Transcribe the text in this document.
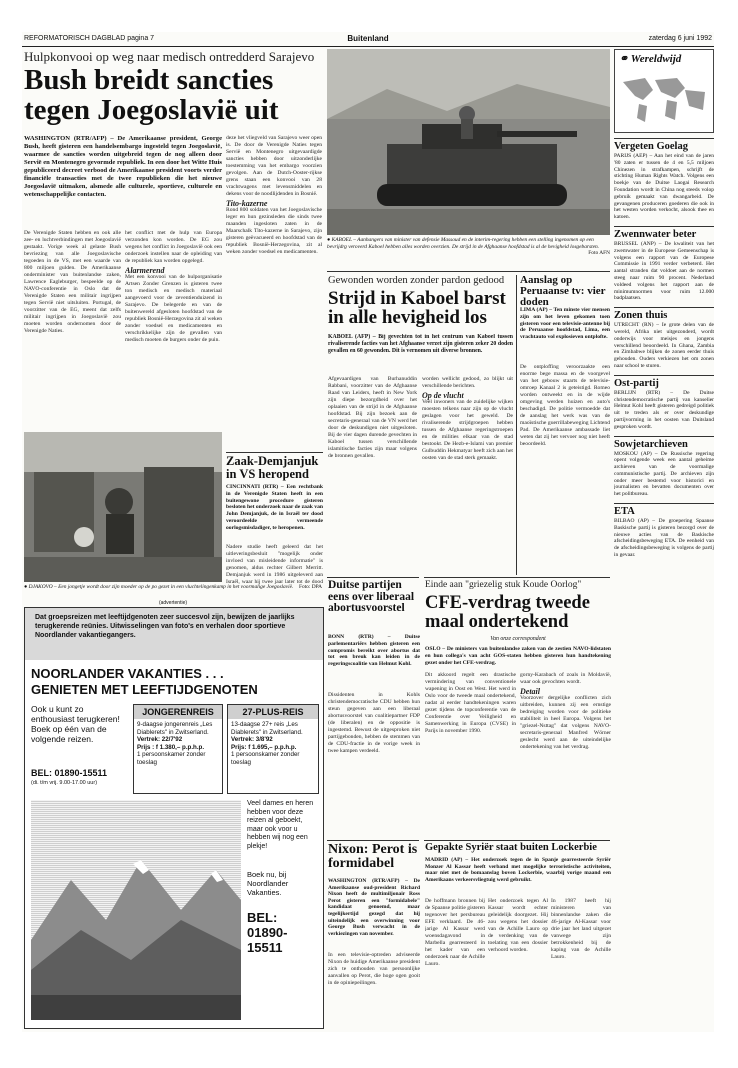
REFORMATORISCH DAGBLAD pagina 7	Buitenland	zaterdag 6 juni 1992
Hulpkonvooi op weg naar medisch ontredderd Sarajevo
Bush breidt sancties
tegen Joegoslavië uit
WASHINGTON (RTR/AFP) – De Amerikaanse president, George Bush, heeft gisteren een handelsembargo ingesteld tegen Joegoslavië, waarmee de sancties worden uitgebreid tegen de nog alleen door Servië en Montenegro gevormde republiek. In een door het Witte Huis gepubliceerd decreet verbood de Amerikaanse president voorts verder financiële transacties met de twee republieken die het nieuwe Joegoslavië uitmaken, alsmede alle culturele, sportieve, culturele en wetenschappelijke contacten.
De Verenigde Staten hebben en ook alle zee- en luchtverbindingen met Joegoslavië gestaakt. Vorige week al gelaste Bush bevriezing van alle Joegoslavische tegoeden in de VS, met een waarde van 800 miljoen gulden. De Amerikaanse onderminister van buitenlandse zaken, Lawrence Eagleburger, bespeelde op de NAVO-conferentie in Oslo dat de Verenigde Staten een militair ingrijpen tegen Servië niet uitsluiten. Portugal, de voorzitter van de EG, meent dat zelfs militair ingrijpen in Joegoslavië zou moeten worden ondernomen door de Verenigde Naties.
het conflict met de hulp van Europa verzonden kon worden. De EG zou wegens het conflict in Joegoslavië ook een onderzoek instellen naar de opleiding van de republiek kan worden opgelegd.
Alarmerend
Met een konvooi van de hulporganisatie Artsen Zonder Grenzen is gisteren twee ton medisch en medisch materiaal aangevoerd voor de zeventienduizend in Sarajevo. De belegerde en van de buitenwereld afgesloten hoofdstad van de republiek Bosnië-Herzegovina zit al weken zonder voedsel en medicamenten en verschrikkelijke zijn de gevallen van medisch moeten de burgers onder de puin.
deze het vliegveld van Sarajevo weer open is. De door de Verenigde Naties tegen Servië en Montenegro uitgevaardigde sancties hebben door uitzonderlijke toestemming van het embargo voorzien gevolgen. Aan de Dutch-Ooster-rijkse grens staan een konvooi van 28 vrachtwagens met levensmiddelen en dekens voor de noodlijdenden in Bosnië.
Tito-kazerne
Rond 800 soldaten van het Joegoslavische leger en hun gezinsleden die sinds twee maanden ingesloten zaten in de Maarschalk Tito-kazerne in Sarajevo, zijn gisteren geëvacueerd en hoofdstad van de republiek Bosnië-Herzegovina, zit al weken zonder voedsel en medicamenten.
● KABOEL – Aanhangers van minister van defensie Massoud en de interim-regering hebben een stelling ingenomen op een bevrijdrg veroverd Kaboel hebben alles worden overzien. De strijd in de Afghaanse hoofdstad is al de hevigheid losgebarsten.
Foto AFN
⚭ Wereldwijd
Vergeten Goelag
PARIJS (AEP) – Aan het eind van de jaren '80 zaten er tussen de 4 en 5,5 miljoen Chinezen in strafkampen, schrijft de stichting Human Rights Watch. Volgens een boekje van de Duitse Laogai Research Foundation wordt in China nog steeds volop gebruik gemaakt van dwangarbeid. De gevangenen produceren goederen die ook in het westen worden verkocht, alsook thee en katoen.
Zwennwater beter
BRUSSEL (ANP) – De kwaliteit van het zwemwater in de Europese Gemeenschap is volgens een rapport van de Europese Commissie in 1991 verder verbeterd. Het aantal stranden dat voldoet aan de normen steeg naar ruim 90 procent. Nederland voldeed volgens het rapport aan de minimumnormen voor ruim 12.000 badplaatsen.
Zonen thuis
UTRECHT (RN) – Ie grote delen van de wereld, Afrika niet uitgezonderd, wordt onderwijs voor meisjes en jongens verschillend beoordeeld. In Ghana, Zambia en Zimbabwe blijken de zonen eerder thuis gehouden. Ouders verkiezen het om zonen naar school te sturen.
Ost-partij
BERLIJN (RTR) – De Duitse christendemocratische partij van kanselier Helmut Kohl heeft gisteren gedreigd politiek uit te treden als er over deskundige partijvorming in het oosten van Duitsland gesproken wordt.
Sowjetarchieven
MOSKOU (AP) – De Russische regering opent volgende week een aantal geheime archieven van de voormalige communistische partij. De archieven zijn onder meer bestemd voor historici en journalisten en bevatten documenten over het politbureau.
ETA
BILBAO (AP) – De groepering Spaanse Baskische partij is gisteren bezorgd over de nieuwe acties van de Baskische afscheidingsbeweging ETA. De eenheid van de afscheidingsbeweging is volgens de partij in gevaar.
Gewonden worden zonder pardon gedood
Strijd in Kaboel barst in alle hevigheid los
KABOEL (AFP) – Bij gevechten tot in het centrum van Kaboel tussen rivaliserende facties van het Afghaanse verzet zijn gisteren zeker 20 doden gevallen en 60 gewonden. Dit is vernomen uit diverse bronnen.
Afgevaardigen van Burhanuddin Rabbani, voorzitter van de Afghaanse Raad van Leiders, heeft in New York zijn diepe bezorgdheid over het oplaaien van de strijd in de Afghaanse hoofdstad. Bij zijn bezoek aan de secretaris-generaal van de VN werd het door de deskundigen niet uitgesloten. Bij de vier dagen durende gevechten in Kaboel tussen verschillende islamitische facties zijn maar volgens de bronnen gevallen.
worden wellicht gedood, zo blijkt uit verschillende berichten.
Op de vlucht
Veel inwoners van de zuidelijke wijken moesten telkens naar zijn op de vlucht geslagen voor het geweld. De rivaliserende strijdgroepen hebben tussen de Afghaanse regeringstroepen en de milities elkaar van de stad bestookt. De Hezb-e-Islami van premier Gulbuddin Hekmatyar heeft zich aan het oosten van de stad sterk gemaakt.
Aanslag op Peruaanse tv: vier doden
LIMA (AP) – Ten minste vier mensen zijn om het leven gekomen toen gisteren voor een televisie-antenne bij de Peruaanse hoofdstad, Lima, een vrachtauto vol explosieven ontplofte.
De ontploffing veroorzaakte een enorme bege massa en de voorgevel van het gebouw staarts de televisie-omroep Kanaal 2 is geteistigd. Romeo worden ontweekt en in de wijde omgeving werden huizen en auto's beschadigd. De politie vermoedde dat de aanslag het werk was van de maoïstische guerrillabeweging Lichtend Pad. De Amerikaanse ambassade liet weten dat zij het vervoer nog niet heeft beoordeeld.
Zaak-Demjanjuk in VS heropend
CINCINNATI (RTR) – Een rechtbank in de Verenigde Staten heeft in een buitengewone procedure gisteren besloten het onderzoek naar de zaak van John Demjanjuk, de in Israël ter dood veroordeelde vermeende oorlogsmisdadiger, te heropenen.
Nadere studie heeft geleerd dat het uitleveringsbesluit "mogelijk onder invloed van misleidende informatie" is genomen, aldus rechter Gilbert Merritt. Demjanjuk werd in 1986 uitgeleverd aan Israël, waar hij twee jaar later tot de dood
● DJAKOVO – Een jongetje wordt door zijn moeder op de po gezet in een vluchtelingenkamp in het voormalige Joegoslavië. Foto: DPA Duitse partijen eens over liberaal abortusvoorstel
BONN (RTR) – Duitse parlementariërs hebben gisteren een compromis bereikt over abortus dat tot een breuk kan leiden in de regeringscoalitie van Helmut Kohl.
Dissidenten in Kohls christendemocratische CDU hebben hun steun gegeven aan een liberaal abortusvoorstel van coalitiepartner FDP (de liberalen) en de oppositie is ingestemd. Bewust de uitgesproken niet partijgebonden, hebben de stemmen van de CDU-fractie in de vorige week in twee kampen verdeeld.
Nixon: Perot is formidabel
WASHINGTON (RTR/AFP) – De Amerikaanse oud-president Richard Nixon heeft de multimiljonair Ross Perot gisteren een "formidabele" kandidaat genoemd, maar tegelijkertijd gezegd dat hij uiteindelijk een overwinning voor George Bush verwacht in de verkiezingen van november.
In een televisie-optreden adviseerde Nixon de huidige Amerikaanse president zich te onthouden van persoonlijke aanvallen op Perot, die hoge ogen gooit in de opiniepeilingen.
Einde aan "griezelig stuk Koude Oorlog"
CFE-verdrag tweede maal ondertekend
Van onze correspondent
OSLO – De ministers van buitenlandse zaken van de zestien NAVO-lidstaten en hun collega's van acht GOS-staten hebben gisteren hun handtekening gezet onder het CFE-verdrag.
Dit akkoord regelt een drastische vermindering van conventionele wapening in Oost en West. Het werd in Oslo voor de tweede maal ondertekend, nadat al eerder handtekeningen waren gezet tijdens de topconferentie van de Conferentie over Veiligheid en Samenwerking in Europa (CVSE) in Parijs in november 1990.
gorny-Karabach of zoals in Moldavië, waar ook gevochten wordt.
Detail
Voorzover dergelijke conflicten zich uitbreiden, kunnen zij een ernstige bedreiging worden voor de politieke stabiliteit in heel Europa. Volgens het "griezel-Nsttag" dat volgens NAVO-secretaris-generaal Manfred Wörner geslecht werd aan de uiteindelijke ondertekening van het verdrag.
Gepakte Syriër staat buiten Lockerbie
MADRID (AP) – Het onderzoek tegen de in Spanje gearresteerde Syriër Monzer Al Kassar heeft verband met mogelijke terroristische activiteiten, maar niet met de bomaanslag boven Lockerbie, waarbij vorige maand een Amerikaans verkeersvliegtuig werd gebruikt.
De hoffmann bronnen bij de Spaanse politie gisteren tegenover het persbureau EFE verklaard. De 46-jarige Al Kassar werd woensdagavond in Marbella gearresteerd in het kader van een onderzoek naar de Achille Lauro.
Het onderzoek tegen Al Kassar wordt echter geleidelijk doorgezet. Hij zou wegens het dossier van de Achille Lauro op de verdenking van de toelating van een dossier verhoord worden.
In 1987 heeft hij ministeren van binnenlandse zaken die 46-jarige Al-Kassar voor drie jaar het land uitgezet vanwege zijn betrokkenheid bij de kaping van de Achille Lauro.
(advertentie)
Dat groepsreizen met leeftijdgenoten zeer succesvol zijn, bewijzen de jaarlijks terugkerende reünies. Uitwisselingen van foto's en verhalen door sportieve Noordlander vakantiegangers.
NOORLANDER VAKANTIES . . .
GENIETEN MET LEEFTIJDGENOTEN
Ook u kunt zo enthousiast terugkeren! Boek op één van de volgende reizen.
BEL: 01890-15511
(di. t/m vrij. 9.00-17.00 uur)
JONGERENREIS
9-daagse jongerenreis „Les Diablerets" in Zwitserland.
Vertrek: 22/7'92
Prijs : f 1.380,– p.p.h.p.
1 persoonskamer zonder toeslag
27-PLUS-REIS
13-daagse 27+ reis „Les Diablerets" in Zwitserland.
Vertrek: 3/8'92
Prijs: f 1.695,– p.p.h.p.
1 persoonskamer zonder toeslag
Veel dames en heren hebben voor deze reizen al geboekt, maar ook voor u hebben wij nog een plekje!
Boek nu, bij Noordlander Vakanties.
BEL: 01890-15511
